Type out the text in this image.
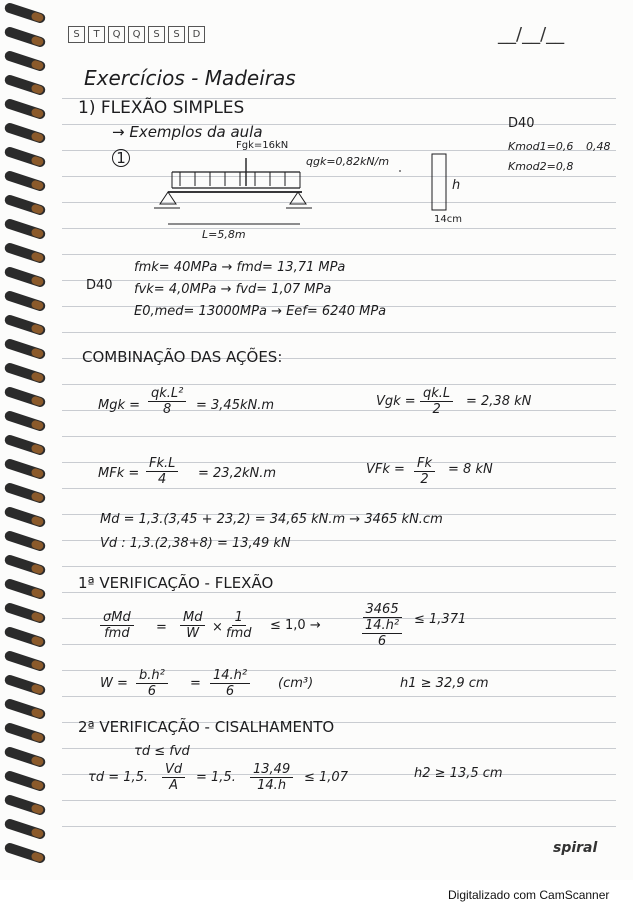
S	T	Q	Q	S	S	D	__/__/__
Exercícios - Madeiras
1) FLEXÃO SIMPLES
→ Exemplos da aula
1
Fgk=16kN
qgk=0,82kN/m
L=5,8m
h
14cm
D40
Kmod1=0,6 0,48
Kmod2=0,8
D40
fmk= 40MPa → fmd= 13,71 MPa
fvk= 4,0MPa → fvd= 1,07 MPa
E0,med= 13000MPa → Eef= 6240 MPa
COMBINAÇÃO DAS AÇÕES:
Mgk = $\frac{\text{qk.L²}}{8} = 3,45kN.m$	Vgk = $\frac{qk.L}{2} = 2,38$ kN
MFk = $\frac{Fk.L}{4} = 23,2kN.m$	VFk = $\frac{Fk}{2} = 8$ kN
Md = 1,3.(3,45 + 23,2) = 34,65 kN.m → 3465 kN.cm
Vd : 1,3.(2,38+8) = 13,49 kN
1ª VERIFICAÇÃO - FLEXÃO
σMd
fmd = $\frac{Md}{W}$ ×
1
fmd
≤ 1,0 →
3465
14.h²
6
≤ 1,371
$W = \frac{\text{b.h²}}{6} = \frac{\text{14.h²}}{6} (cm^3)$	h1 ≥ 32,9 cm
2ª VERIFICAÇÃO - CISALHAMENTO
τd ≤ fvd
τd = 1,5. $\frac{Vd}{A} = 1,5$. $\frac{13,49}{14.h} \le 1,07$	h2 ≥ 13,5 cm
spiral
Digitalizado com CamScanner
